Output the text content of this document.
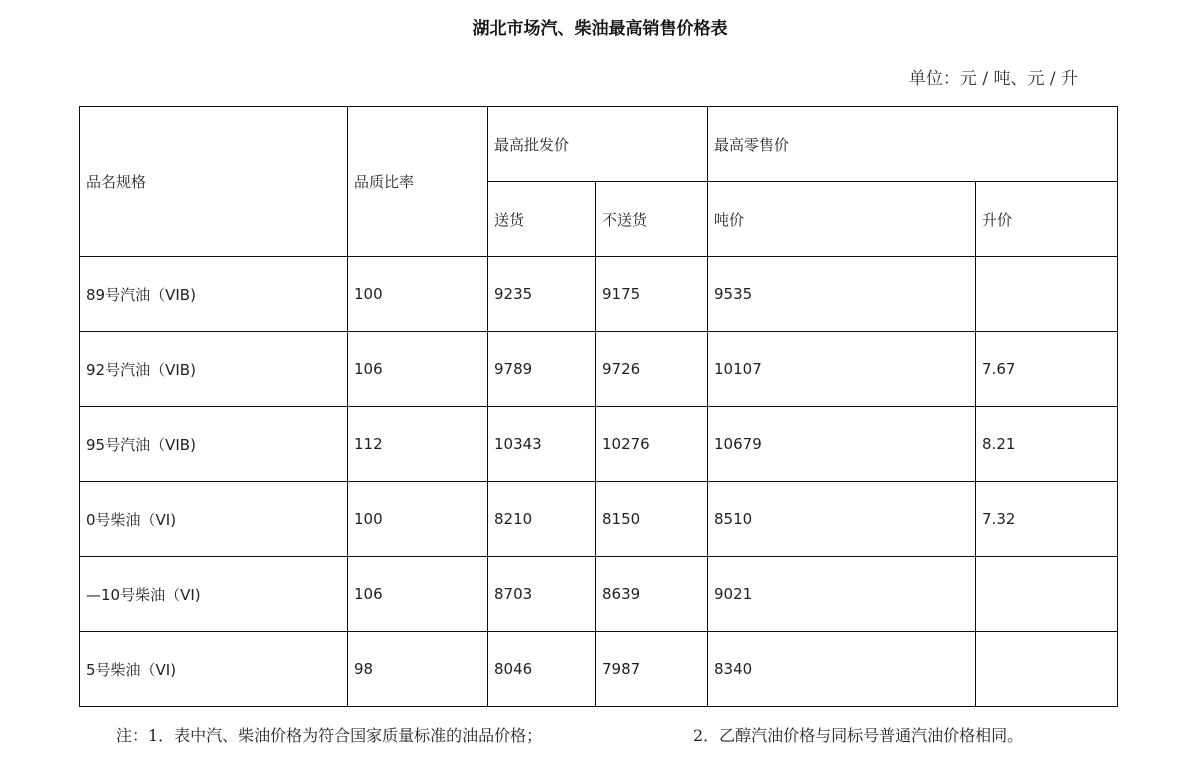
湖北市场汽、柴油最高销售价格表
单位：元 / 吨、元 / 升
品名规格	品质比率	最高批发价		最高零售价	
		送货	不送货	吨价	升价
89号汽油（VIB)	100	9235	9175	9535	
92号汽油（VIB)	106	9789	9726	10107	7.67
95号汽油（VIB)	112	10343	10276	10679	8.21
0号柴油（VI)	100	8210	8150	8510	7.32
—10号柴油（VI)	106	8703	8639	9021	
5号柴油（VI)	98	8046	7987	8340	
注：1．表中汽、柴油价格为符合国家质量标准的油品价格；	2．乙醇汽油价格与同标号普通汽油价格相同。
